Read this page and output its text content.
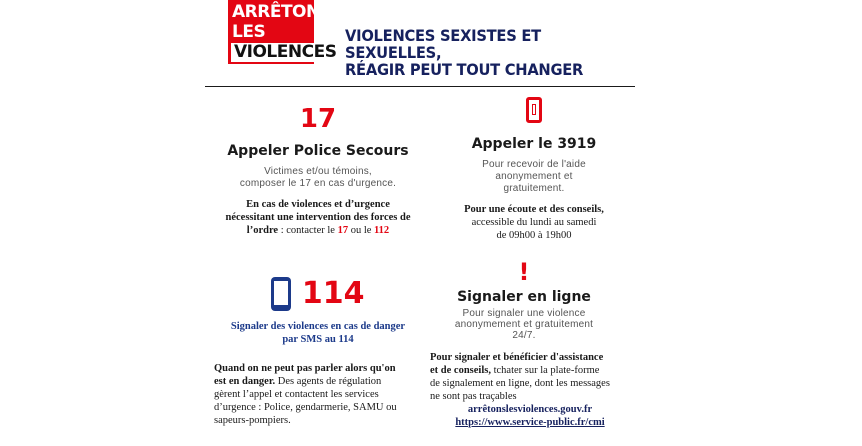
ARRÊTONS
LES
VIOLENCES
VIOLENCES SEXISTES ET SEXUELLES,
RÉAGIR PEUT TOUT CHANGER
17
Appeler Police Secours
Victimes et/ou témoins,
composer le 17 en cas d'urgence.
En cas de violences et d’urgence
nécessitant une intervention des forces de
l’ordre : contacter le 17 ou le 112
Appeler le 3919
Pour recevoir de l'aide
anonymement et
gratuitement.
Pour une écoute et des conseils,
accessible du lundi au samedi
de 09h00 à 19h00
114
Signaler des violences en cas de danger
par SMS au 114
Quand on ne peut pas parler alors qu'on
est en danger. Des agents de régulation
gèrent l’appel et contactent les services
d’urgence : Police, gendarmerie, SAMU ou
sapeurs-pompiers.
!
Signaler en ligne
Pour signaler une violence
anonymement et gratuitement
24/7.
Pour signaler et bénéficier d'assistance
et de conseils, tchater sur la plate-forme
de signalement en ligne, dont les messages
ne sont pas traçables
arrêtonslesviolences.gouv.fr
https://www.service-public.fr/cmi
